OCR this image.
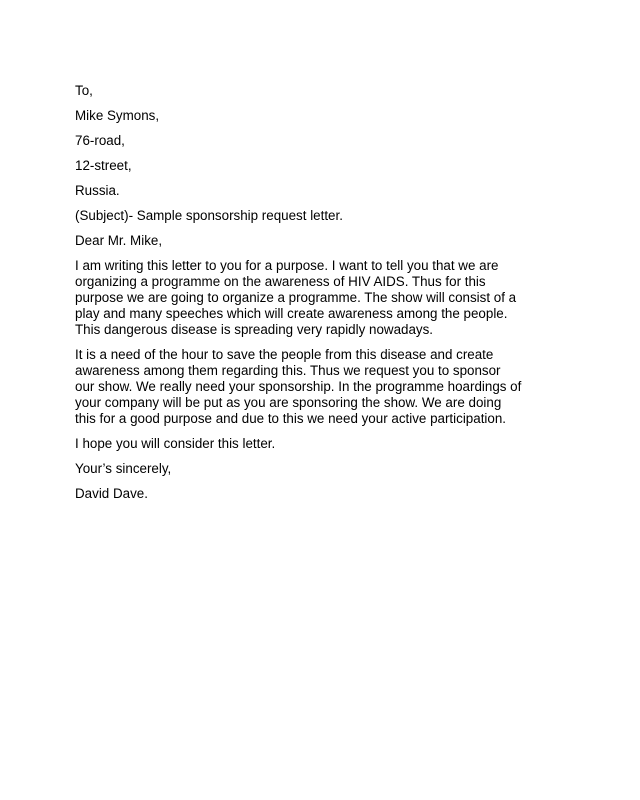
To,
Mike Symons,
76-road,
12-street,
Russia.
(Subject)- Sample sponsorship request letter.
Dear Mr. Mike,
I am writing this letter to you for a purpose. I want to tell you that we are
organizing a programme on the awareness of HIV AIDS. Thus for this
purpose we are going to organize a programme. The show will consist of a
play and many speeches which will create awareness among the people.
This dangerous disease is spreading very rapidly nowadays.
It is a need of the hour to save the people from this disease and create
awareness among them regarding this. Thus we request you to sponsor
our show. We really need your sponsorship. In the programme hoardings of
your company will be put as you are sponsoring the show. We are doing
this for a good purpose and due to this we need your active participation.
I hope you will consider this letter.
Your’s sincerely,
David Dave.
